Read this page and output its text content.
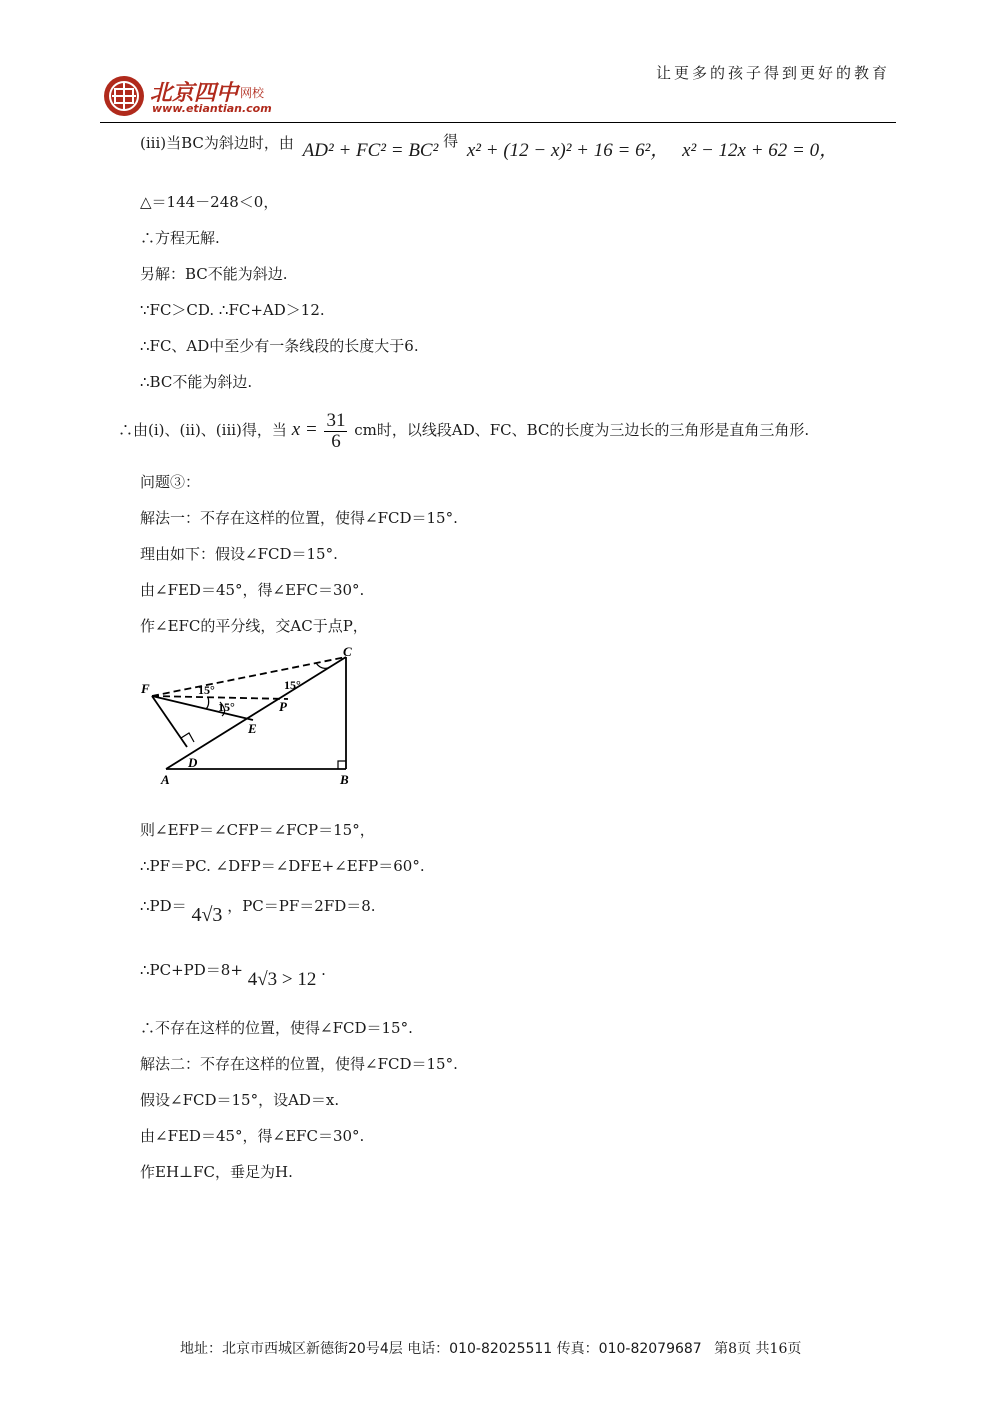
北京四中 网校
www.etiantian.com
让更多的孩子得到更好的教育
(iii)当BC为斜边时，由 AD² + FC² = BC² 得 x² + (12 − x)² + 16 = 6²， x² − 12x + 62 = 0，
△＝144－248＜0，
∴方程无解.
另解：BC不能为斜边.
∵FC＞CD. ∴FC+AD＞12.
∴FC、AD中至少有一条线段的长度大于6.
∴BC不能为斜边.
∴由(i)、(ii)、(iii)得，当 $x = \frac{31}{6}$ cm时，以线段AD、FC、BC的长度为三边长的三角形是直角三角形.
问题③：
解法一：不存在这样的位置，使得∠FCD＝15°.
理由如下：假设∠FCD＝15°.
由∠FED＝45°，得∠EFC＝30°.
作∠EFC的平分线，交AC于点P，
F
C
P
E
D
A	B
15°	15°
15°
则∠EFP＝∠CFP＝∠FCP＝15°，
∴PF＝PC. ∠DFP＝∠DFE+∠EFP＝60°.
∴PD＝ 4√3 ，PC＝PF＝2FD＝8.
∴PC+PD＝8+ 4√3 > 12 .
∴不存在这样的位置，使得∠FCD＝15°.
解法二：不存在这样的位置，使得∠FCD＝15°.
假设∠FCD＝15°，设AD＝x.
由∠FED＝45°，得∠EFC＝30°.
作EH⊥FC，垂足为H.
地址：北京市西城区新德街20号4层 电话：010-82025511 传真：010-82079687 第8页 共16页
